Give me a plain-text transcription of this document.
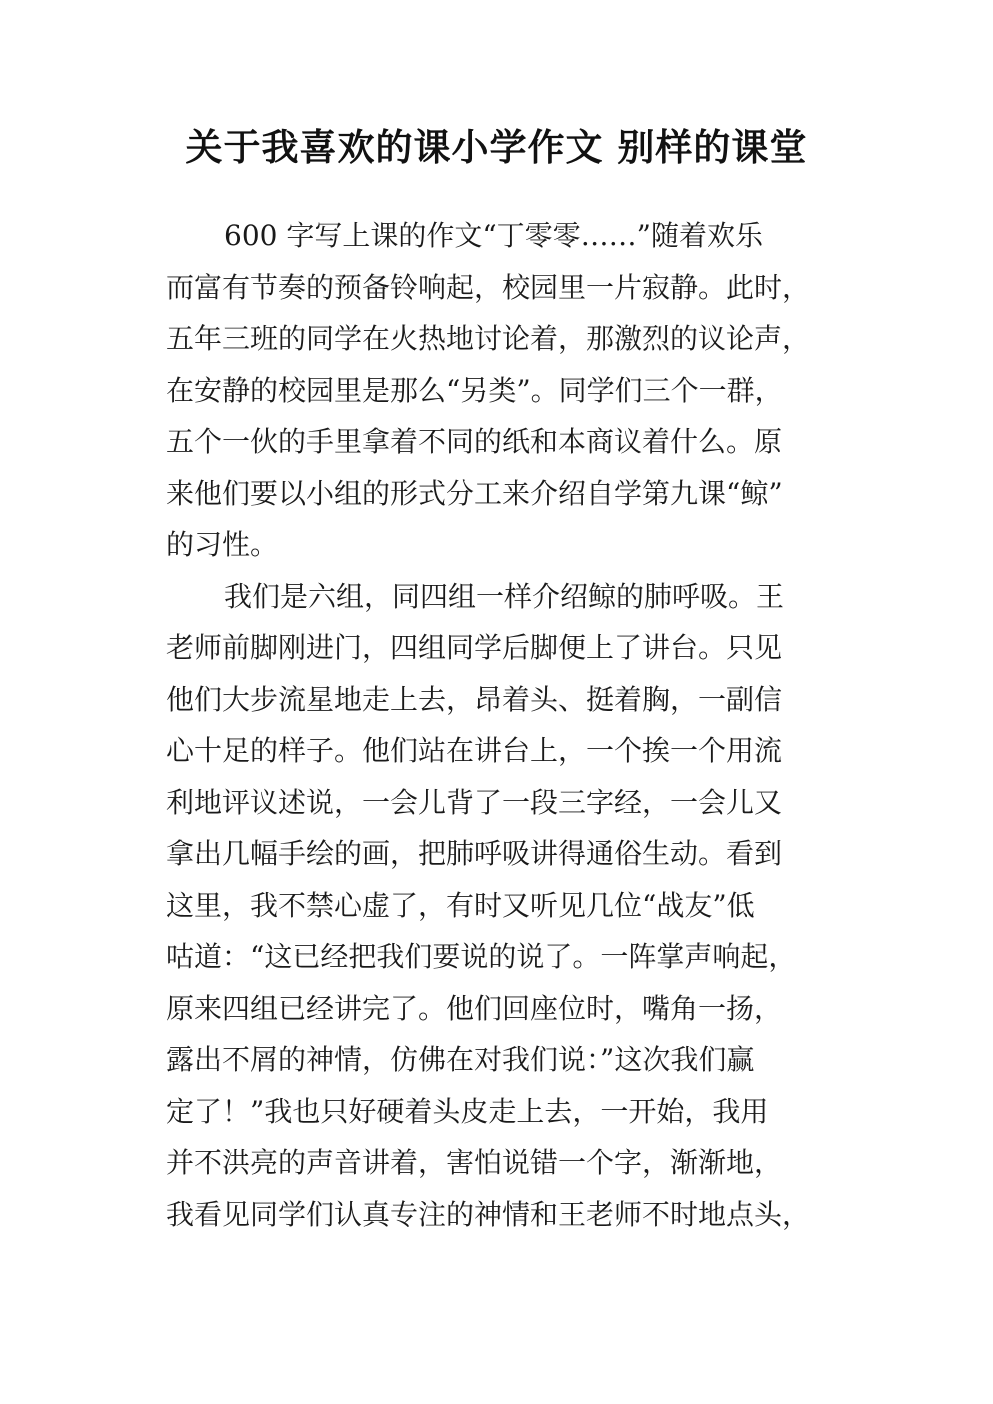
关于我喜欢的课小学作文 别样的课堂
600 字写上课的作文“丁零零……”随着欢乐
而富有节奏的预备铃响起，校园里一片寂静。此时，
五年三班的同学在火热地讨论着，那激烈的议论声，
在安静的校园里是那么“另类”。同学们三个一群，
五个一伙的手里拿着不同的纸和本商议着什么。原
来他们要以小组的形式分工来介绍自学第九课“鲸”
的习性。
我们是六组，同四组一样介绍鲸的肺呼吸。王
老师前脚刚进门，四组同学后脚便上了讲台。只见
他们大步流星地走上去，昂着头、挺着胸，一副信
心十足的样子。他们站在讲台上，一个挨一个用流
利地评议述说，一会儿背了一段三字经，一会儿又
拿出几幅手绘的画，把肺呼吸讲得通俗生动。看到
这里，我不禁心虚了，有时又听见几位“战友”低
咕道：“这已经把我们要说的说了。一阵掌声响起，
原来四组已经讲完了。他们回座位时，嘴角一扬，
露出不屑的神情，仿佛在对我们说：”这次我们赢
定了！”我也只好硬着头皮走上去，一开始，我用
并不洪亮的声音讲着，害怕说错一个字，渐渐地，
我看见同学们认真专注的神情和王老师不时地点头，
